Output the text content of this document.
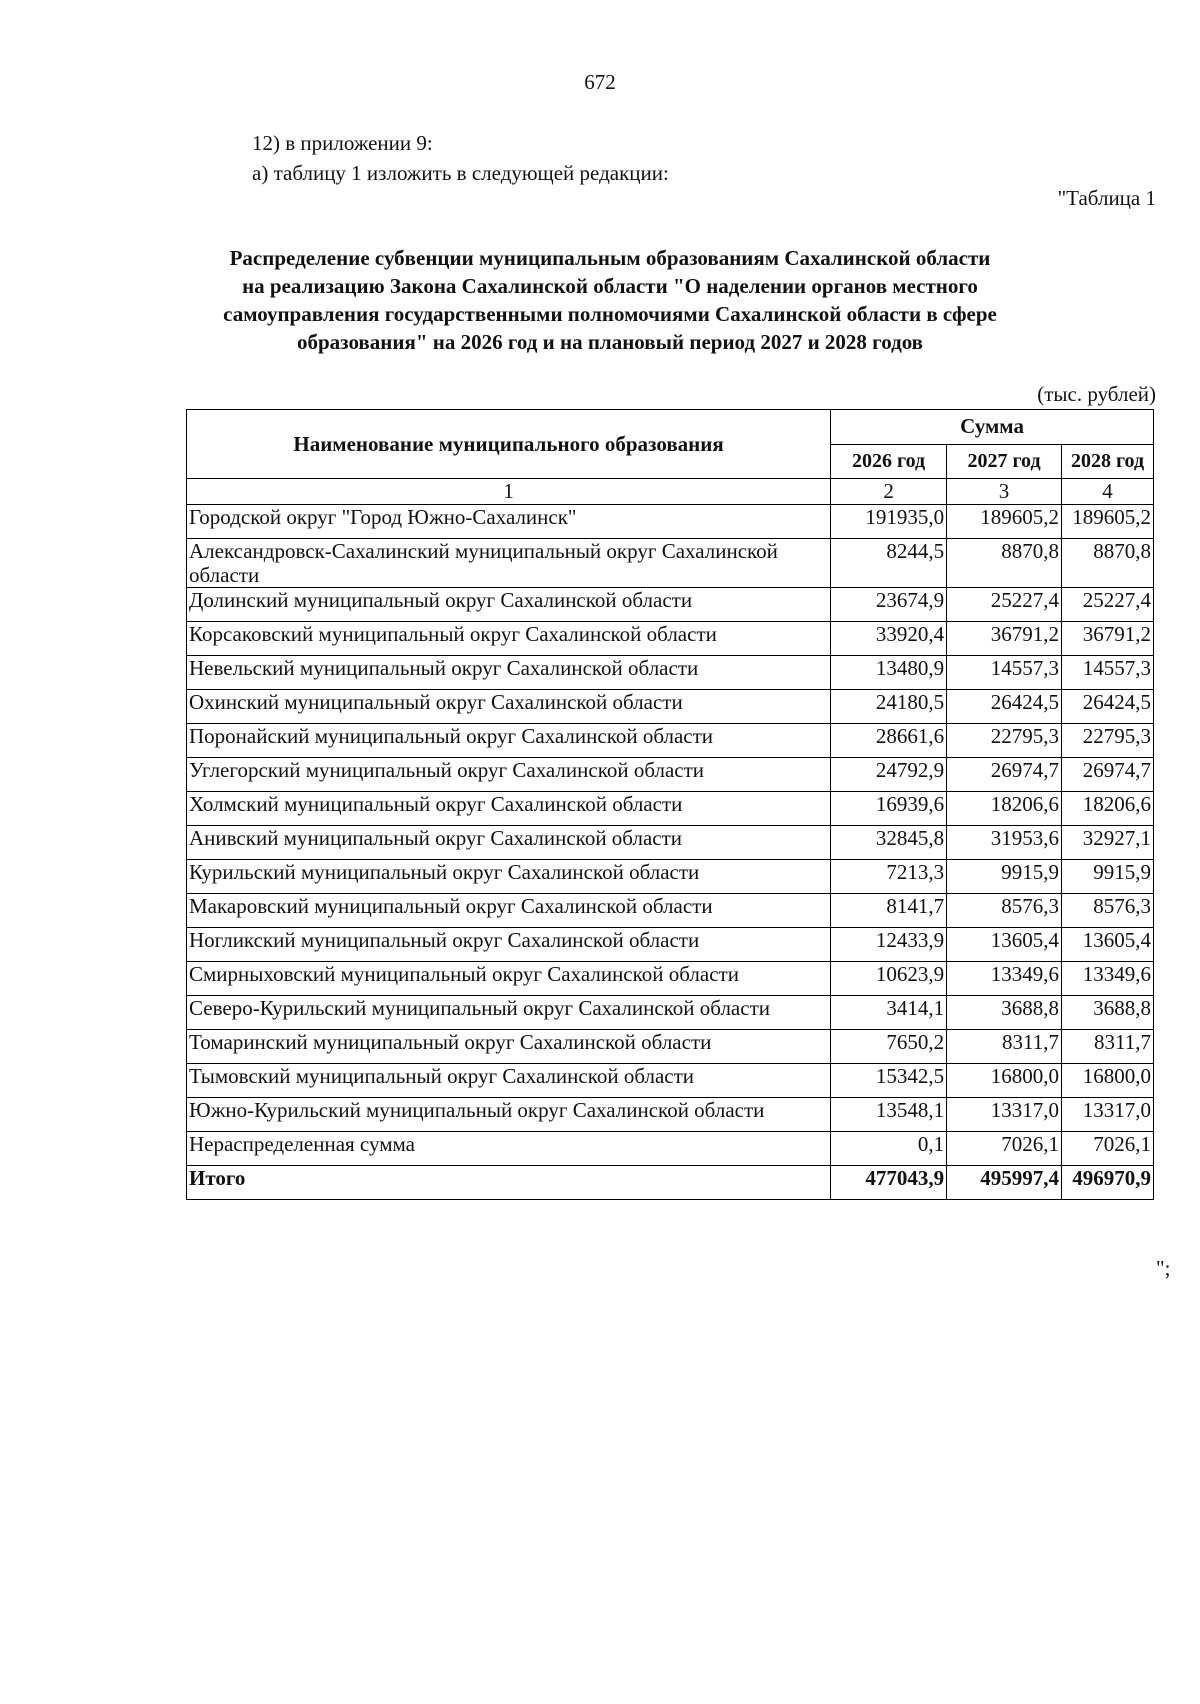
672
12) в приложении 9:
а) таблицу 1 изложить в следующей редакции:
"Таблица 1
Распределение субвенции муниципальным образованиям Сахалинской области
на реализацию Закона Сахалинской области "О наделении органов местного
самоуправления государственными полномочиями Сахалинской области в сфере
образования" на 2026 год и на плановый период 2027 и 2028 годов
(тыс. рублей)
Наименование муниципального образования	Сумма		
	2026 год	2027 год	2028 год
1	2	3	4
Городской округ "Город Южно-Сахалинск"	191935,0	189605,2	189605,2
Александровск-Сахалинский муниципальный округ Сахалинской области	8244,5	8870,8	8870,8
Долинский муниципальный округ Сахалинской области	23674,9	25227,4	25227,4
Корсаковский муниципальный округ Сахалинской области	33920,4	36791,2	36791,2
Невельский муниципальный округ Сахалинской области	13480,9	14557,3	14557,3
Охинский муниципальный округ Сахалинской области	24180,5	26424,5	26424,5
Поронайский муниципальный округ Сахалинской области	28661,6	22795,3	22795,3
Углегорский муниципальный округ Сахалинской области	24792,9	26974,7	26974,7
Холмский муниципальный округ Сахалинской области	16939,6	18206,6	18206,6
Анивский муниципальный округ Сахалинской области	32845,8	31953,6	32927,1
Курильский муниципальный округ Сахалинской области	7213,3	9915,9	9915,9
Макаровский муниципальный округ Сахалинской области	8141,7	8576,3	8576,3
Ногликский муниципальный округ Сахалинской области	12433,9	13605,4	13605,4
Смирныховский муниципальный округ Сахалинской области	10623,9	13349,6	13349,6
Северо-Курильский муниципальный округ Сахалинской области	3414,1	3688,8	3688,8
Томаринский муниципальный округ Сахалинской области	7650,2	8311,7	8311,7
Тымовский муниципальный округ Сахалинской области	15342,5	16800,0	16800,0
Южно-Курильский муниципальный округ Сахалинской области	13548,1	13317,0	13317,0
Нераспределенная сумма	0,1	7026,1	7026,1
Итого	477043,9	495997,4	496970,9
";
